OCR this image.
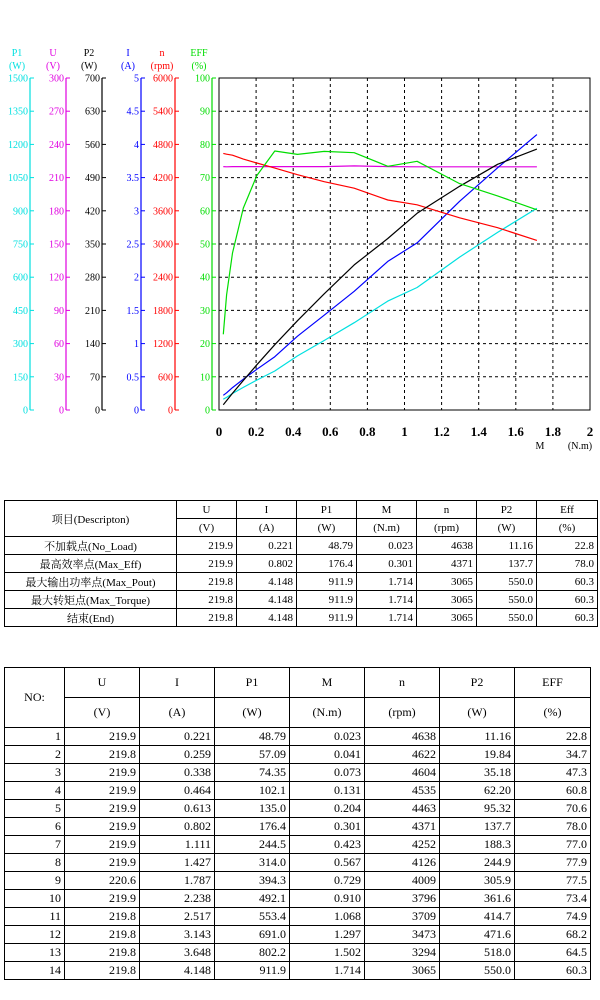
P1
(W)
0
150
300
450
600
750
900
1050
1200
1350
1500
U
(V)
0
30
60
90
120
150
180
210
240
270
300
P2
(W)
0
70
140
210
280
350
420
490
560
630
700
I
(A)
0
0.5
1
1.5
2
2.5
3
3.5
4
4.5
5
n
(rpm)
0
600
1200
1800
2400
3000
3600
4200
4800
5400
6000
EFF
(%)
0
10
20
30
40
50
60
70
80
90
100
0 0.2 0.4 0.6 0.8 1 1.2 1.4 1.6 1.8 2
M (N.m)
项目(Descripton)	U	I	P1	M	n	P2	Eff
	(V)	(A)	(W)	(N.m)	(rpm)	(W)	(%)
不加载点(No_Load)	219.9	0.221	48.79	0.023	4638	11.16	22.8
最高效率点(Max_Eff)	219.9	0.802	176.4	0.301	4371	137.7	78.0
最大输出功率点(Max_Pout)	219.8	4.148	911.9	1.714	3065	550.0	60.3
最大转矩点(Max_Torque)	219.8	4.148	911.9	1.714	3065	550.0	60.3
结束(End)	219.8	4.148	911.9	1.714	3065	550.0	60.3
NO:	U	I	P1	M	n	P2	EFF
	(V)	(A)	(W)	(N.m)	(rpm)	(W)	(%)
1	219.9	0.221	48.79	0.023	4638	11.16	22.8
2	219.8	0.259	57.09	0.041	4622	19.84	34.7
3	219.9	0.338	74.35	0.073	4604	35.18	47.3
4	219.9	0.464	102.1	0.131	4535	62.20	60.8
5	219.9	0.613	135.0	0.204	4463	95.32	70.6
6	219.9	0.802	176.4	0.301	4371	137.7	78.0
7	219.9	1.111	244.5	0.423	4252	188.3	77.0
8	219.9	1.427	314.0	0.567	4126	244.9	77.9
9	220.6	1.787	394.3	0.729	4009	305.9	77.5
10	219.9	2.238	492.1	0.910	3796	361.6	73.4
11	219.8	2.517	553.4	1.068	3709	414.7	74.9
12	219.8	3.143	691.0	1.297	3473	471.6	68.2
13	219.8	3.648	802.2	1.502	3294	518.0	64.5
14	219.8	4.148	911.9	1.714	3065	550.0	60.3
